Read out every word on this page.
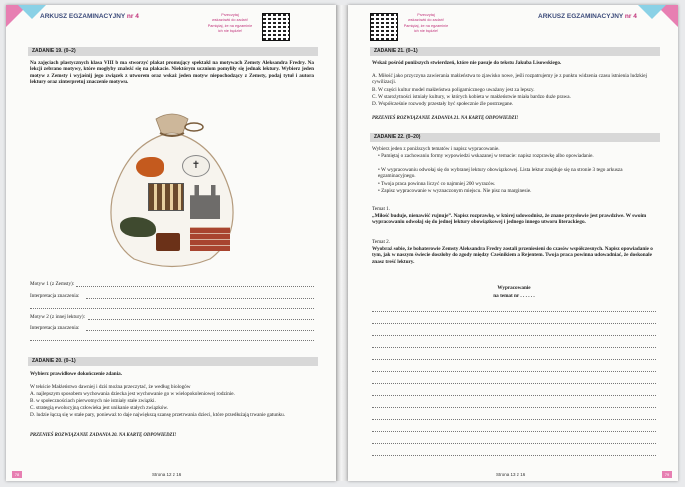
ARKUSZ EGZAMINACYJNY nr 4	Przeczytaj
wskazówki do zadań!
Pamiętaj, że na egzaminie
ich nie będzie!
ZADANIE 19. (0–2)
Na zajęciach plastycznych klasa VIII b ma stworzyć plakat promujący spektakl na motywach Zemsty Aleksandra Fredry. Na lekcji zebrano motywy, które mogłyby znaleźć się na plakacie. Niektórym uczniom pomyliły się jednak lektury. Wybierz jeden motyw z Zemsty i wyjaśnij jego związek z utworem oraz wskaż jeden motyw niepochodzący z Zemsty, podaj tytuł i autora lektury oraz zinterpretuj znaczenie motywu.
✝
Motyw 1 (z Zemsty):
Interpretacja znaczenia:
Motyw 2 (z innej lektury):
Interpretacja znaczenia:
ZADANIE 20. (0–1)
Wybierz prawidłowe dokończenie zdania.
W tekście Małżeństwo dawniej i dziś można przeczytać, że według biologów
A. najlepszym sposobem wychowania dziecka jest wychowanie go w wielopokoleniowej rodzinie.
B. w społecznościach pierwotnych nie istniały stałe związki.
C. strategią ewolucyjną człowieka jest unikanie stałych związków.
D. ludzie łączą się w stałe pary, ponieważ to daje największą szansę przetrwania dzieci, które przedłużają trwanie gatunku.
PRZENIEŚ ROZWIĄZANIE ZADANIA 20. NA KARTĘ ODPOWIEDZI!
Strona 12 z 16
78
Przeczytaj
wskazówki do zadań!
Pamiętaj, że na egzaminie
ich nie będzie!
ARKUSZ EGZAMINACYJNY nr 4
ZADANIE 21. (0–1)
Wskaż pośród poniższych stwierdzeń, które nie pasuje do tekstu Jakuba Lisowskiego.
A. Miłość jako przyczyna zawierania małżeństwa to zjawisko nowe, jeśli rozpatrujemy je z punktu widzenia czasu istnienia ludzkiej cywilizacji.
B. W części kultur model małżeństwa poligamicznego uważany jest za lepszy.
C. W starożytności istniały kultury, w których kobieta w małżeństwie miała bardzo duże prawa.
D. Współcześnie rozwody przestały być społecznie źle postrzegane.
PRZENIEŚ ROZWIĄZANIE ZADANIA 21. NA KARTĘ ODPOWIEDZI!
ZADANIE 22. (0–20)
Wybierz jeden z poniższych tematów i napisz wypracowanie.
• Pamiętaj o zachowaniu formy wypowiedzi wskazanej w temacie: napisz rozprawkę albo opowiadanie.
• W wypracowaniu odwołaj się do wybranej lektury obowiązkowej. Lista lektur znajduje się na stronie 3 tego arkusza egzaminacyjnego.
• Twoja praca powinna liczyć co najmniej 200 wyrazów.
• Zapisz wypracowanie w wyznaczonym miejscu. Nie pisz na marginesie.
Temat 1.
„Miłość buduje, nienawiść rujnuje”. Napisz rozprawkę, w której udowodnisz, że znane przysłowie jest prawdziwe. W swoim wypracowaniu odwołaj się do jednej lektury obowiązkowej i jednego innego utworu literackiego.
Temat 2.
Wyobraź sobie, że bohaterowie Zemsty Aleksandra Fredry zostali przeniesieni do czasów współczesnych. Napisz opowiadanie o tym, jak w naszym świecie doszłoby do zgody między Cześnikiem a Rejentem. Twoja praca powinna udowadniać, że doskonale znasz treść lektury.
Wypracowanie
na temat nr . . . . . .
Strona 13 z 16	79
